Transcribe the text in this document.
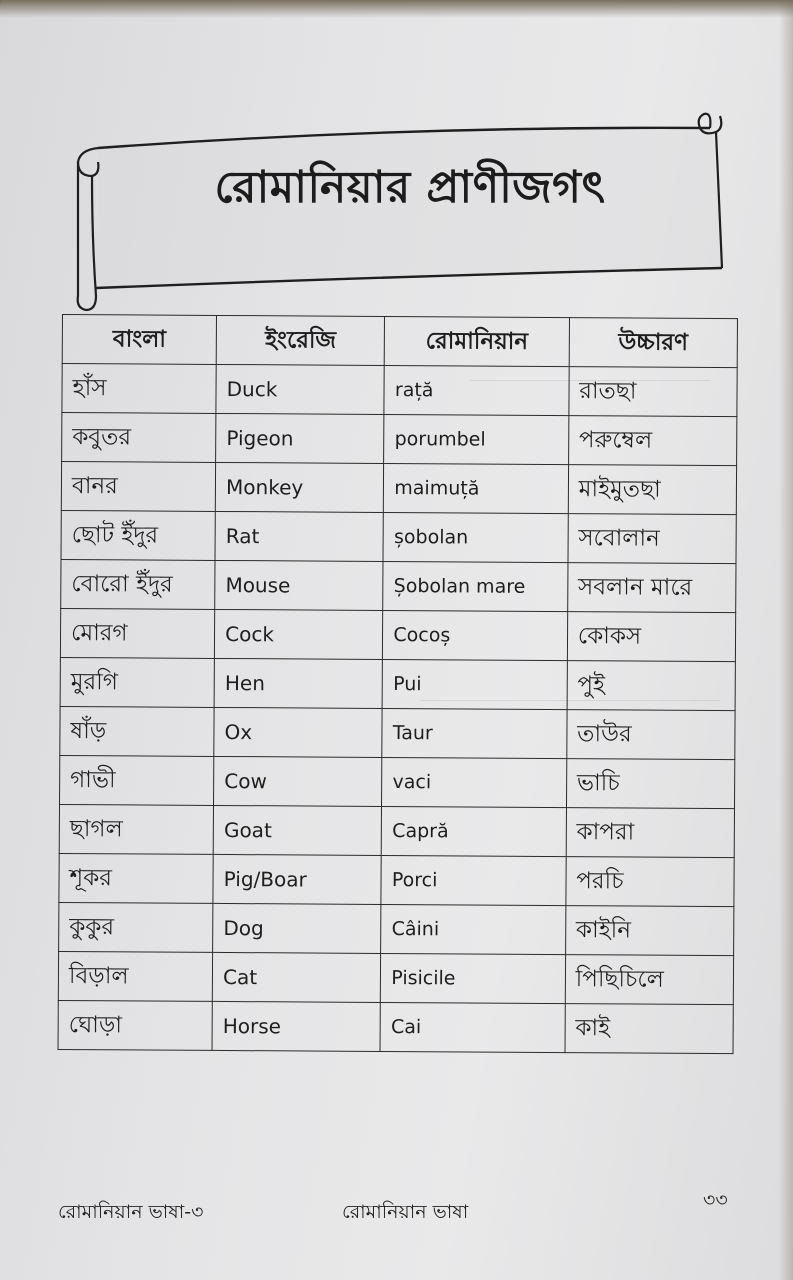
রোমানিয়ার প্রাণীজগৎ
বাংলা	ইংরেজি	রোমানিয়ান	উচ্চারণ
হাঁস	Duck	rață	রাতছা
কবুতর	Pigeon	porumbel	পরুম্বেল
বানর	Monkey	maimuță	মাইমুতছা
ছোট ইঁদুর	Rat	șobolan	সবোলান
বোরো ইঁদুর	Mouse	Șobolan mare	সবলান মারে
মোরগ	Cock	Cocoș	কোকস
মুরগি	Hen	Pui	পুই
ষাঁড়	Ox	Taur	তাউর
গাভী	Cow	vaci	ভাচি
ছাগল	Goat	Capră	কাপরা
শূকর	Pig/Boar	Porci	পরচি
কুকুর	Dog	Câini	কাইনি
বিড়াল	Cat	Pisicile	পিছিচিলে
ঘোড়া	Horse	Cai	কাই
রোমানিয়ান ভাষা-৩	রোমানিয়ান ভাষা
৩৩
